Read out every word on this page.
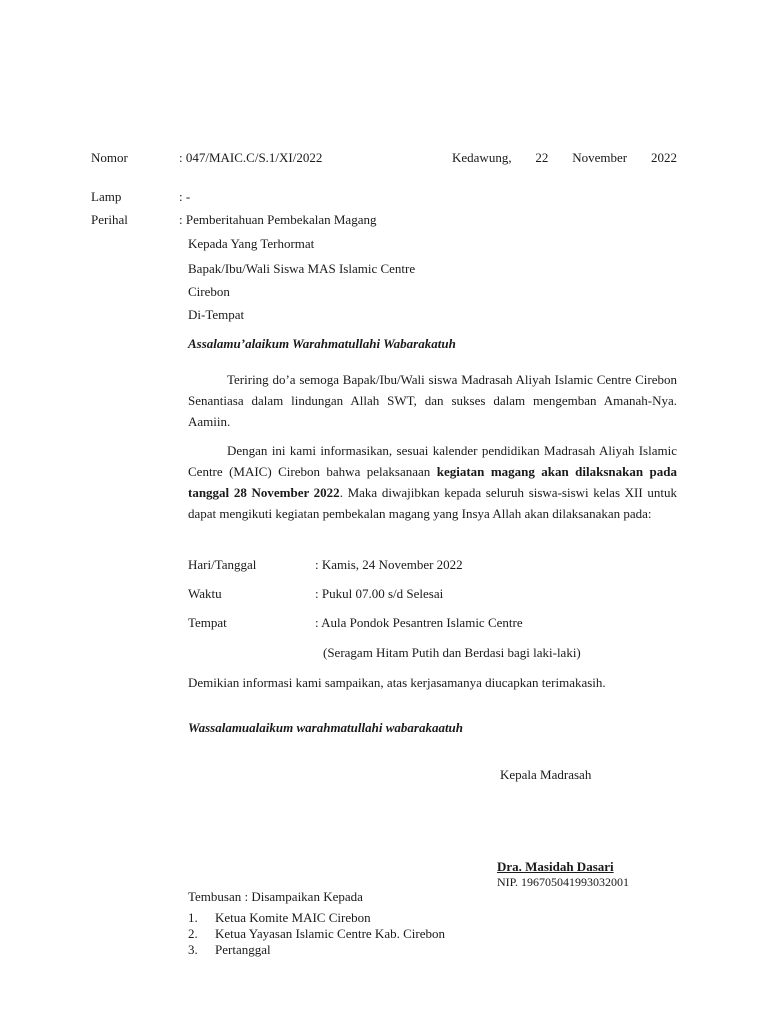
Nomor	: 047/MAIC.C/S.1/XI/2022	Kedawung, 22 November 2022
Lamp	: -
Perihal	: Pemberitahuan Pembekalan Magang
Kepada Yang Terhormat
Bapak/Ibu/Wali Siswa MAS Islamic Centre
Cirebon
Di-Tempat
Assalamu’alaikum Warahmatullahi Wabarakatuh
Teriring do’a semoga Bapak/Ibu/Wali siswa Madrasah Aliyah Islamic Centre Cirebon Senantiasa dalam lindungan Allah SWT, dan sukses dalam mengemban Amanah-Nya. Aamiin.
Dengan ini kami informasikan, sesuai kalender pendidikan Madrasah Aliyah Islamic Centre (MAIC) Cirebon bahwa pelaksanaan kegiatan magang akan dilaksnakan pada tanggal 28 November 2022. Maka diwajibkan kepada seluruh siswa-siswi kelas XII untuk dapat mengikuti kegiatan pembekalan magang yang Insya Allah akan dilaksanakan pada:
Hari/Tanggal	: Kamis, 24 November 2022
Waktu	: Pukul 07.00 s/d Selesai
Tempat	: Aula Pondok Pesantren Islamic Centre
(Seragam Hitam Putih dan Berdasi bagi laki-laki)
Demikian informasi kami sampaikan, atas kerjasamanya diucapkan terimakasih.
Wassalamualaikum warahmatullahi wabarakaatuh
Kepala Madrasah
Dra. Masidah Dasari
NIP. 196705041993032001
Tembusan : Disampaikan Kepada
1. Ketua Komite MAIC Cirebon
2. Ketua Yayasan Islamic Centre Kab. Cirebon
3. Pertanggal
